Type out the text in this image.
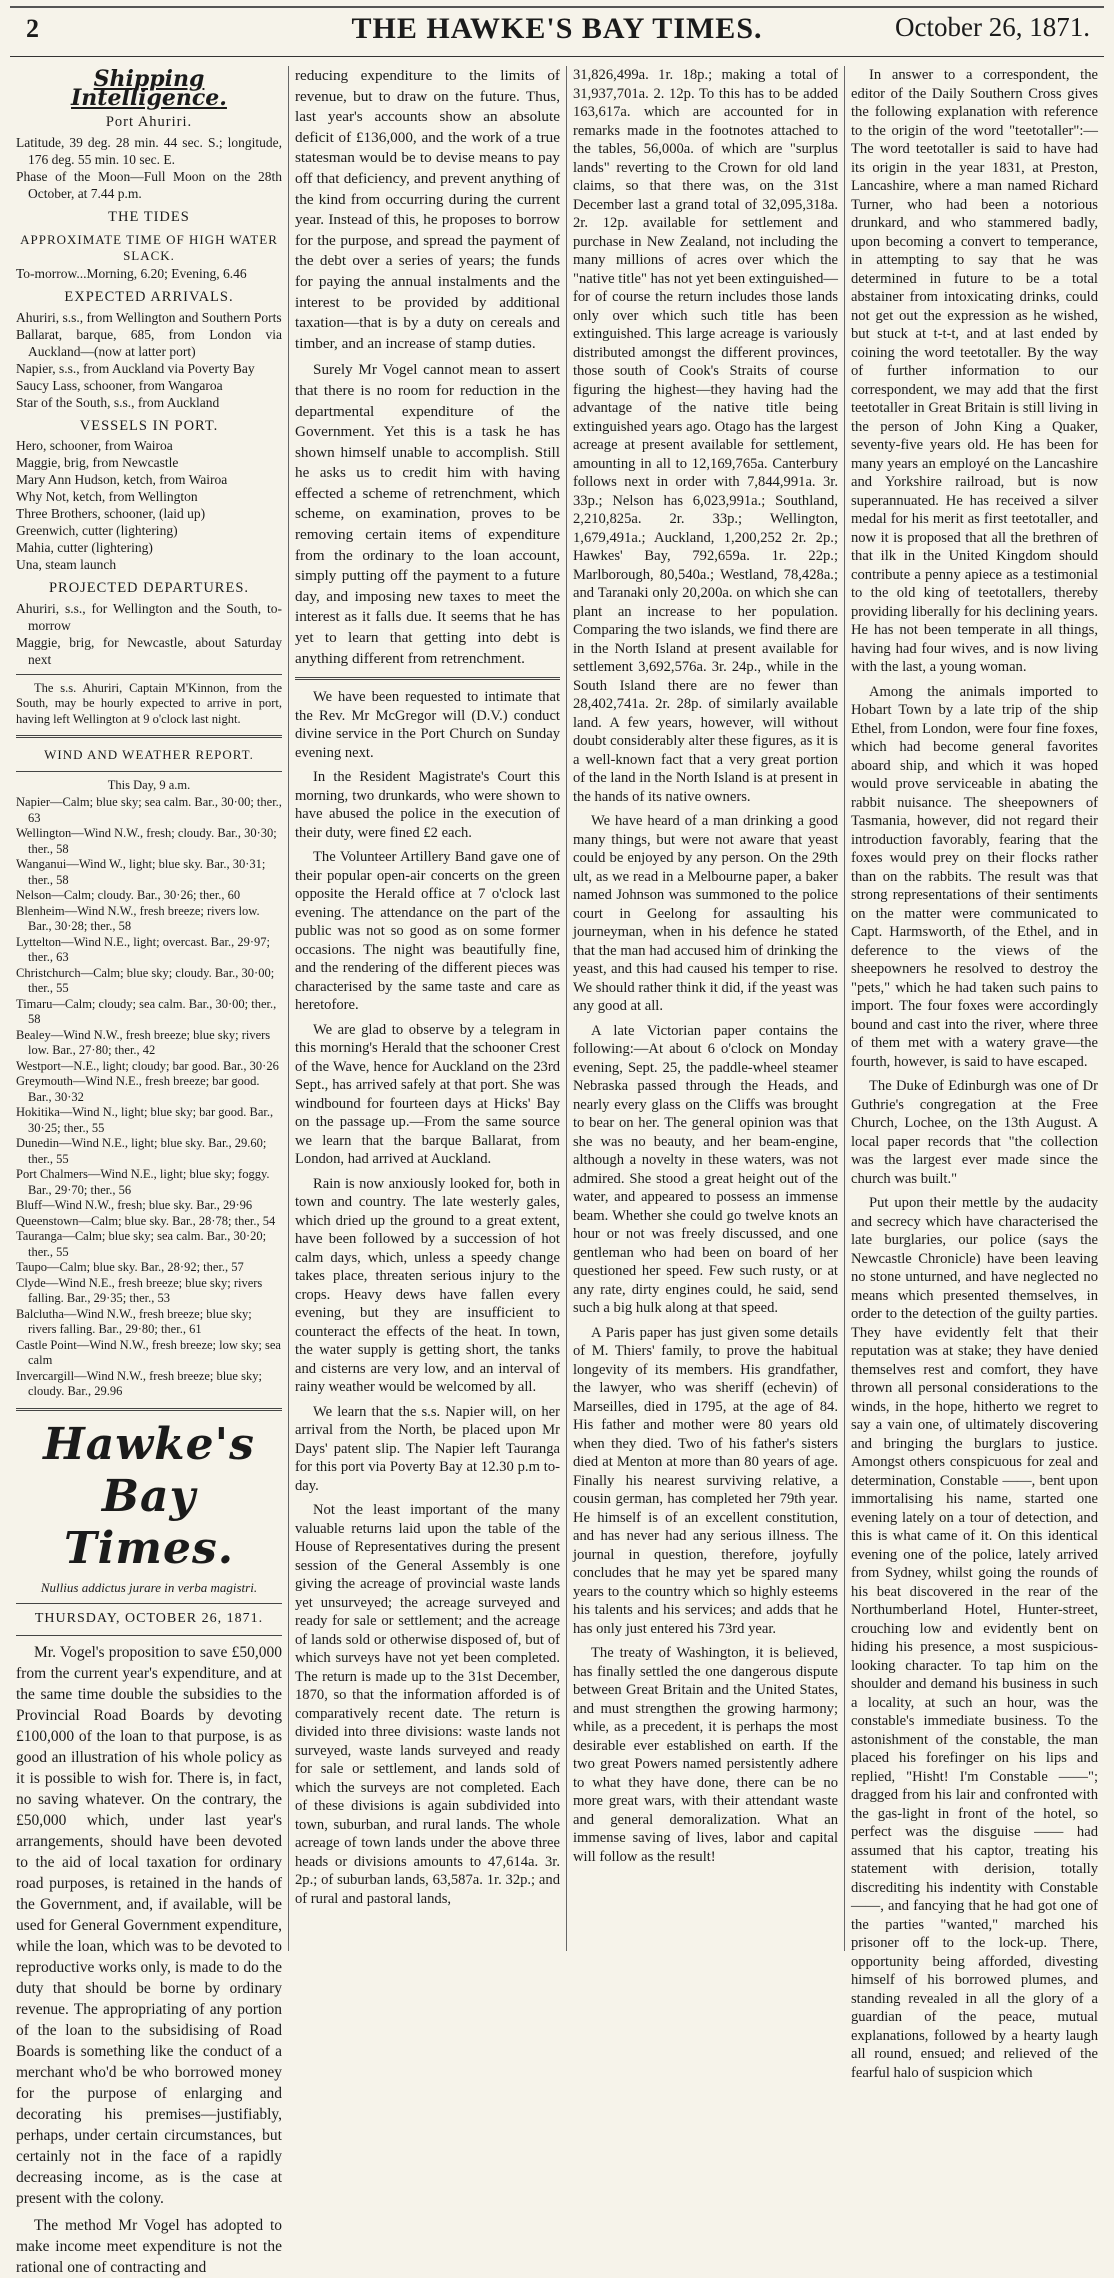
2	THE HAWKE'S BAY TIMES.	October 26, 1871.
Shipping Intelligence.
Port Ahuriri.

Latitude, 39 deg. 28 min. 44 sec. S.; longitude, 176 deg. 55 min. 10 sec. E.

Phase of the Moon—Full Moon on the 28th October, at 7.44 p.m.

THE TIDES
APPROXIMATE TIME OF HIGH WATER SLACK.

To-morrow...Morning, 6.20; Evening, 6.46

EXPECTED ARRIVALS.

Ahuriri, s.s., from Wellington and Southern Ports

Ballarat, barque, 685, from London via Auckland—(now at latter port)

Napier, s.s., from Auckland via Poverty Bay

Saucy Lass, schooner, from Wangaroa

Star of the South, s.s., from Auckland

VESSELS IN PORT.

Hero, schooner, from Wairoa

Maggie, brig, from Newcastle

Mary Ann Hudson, ketch, from Wairoa

Why Not, ketch, from Wellington

Three Brothers, schooner, (laid up)

Greenwich, cutter (lightering)

Mahia, cutter (lightering)

Una, steam launch

PROJECTED DEPARTURES.

Ahuriri, s.s., for Wellington and the South, to-morrow

Maggie, brig, for Newcastle, about Saturday next

The s.s. Ahuriri, Captain M'Kinnon, from the South, may be hourly expected to arrive in port, having left Wellington at 9 o'clock last night.

WIND AND WEATHER REPORT.
This Day, 9 a.m.

Napier—Calm; blue sky; sea calm. Bar., 30·00; ther., 63

Wellington—Wind N.W., fresh; cloudy. Bar., 30·30; ther., 58

Wanganui—Wind W., light; blue sky. Bar., 30·31; ther., 58

Nelson—Calm; cloudy. Bar., 30·26; ther., 60

Blenheim—Wind N.W., fresh breeze; rivers low. Bar., 30·28; ther., 58

Lyttelton—Wind N.E., light; overcast. Bar., 29·97; ther., 63

Christchurch—Calm; blue sky; cloudy. Bar., 30·00; ther., 55

Timaru—Calm; cloudy; sea calm. Bar., 30·00; ther., 58

Bealey—Wind N.W., fresh breeze; blue sky; rivers low. Bar., 27·80; ther., 42

Westport—N.E., light; cloudy; bar good. Bar., 30·26

Greymouth—Wind N.E., fresh breeze; bar good. Bar., 30·32

Hokitika—Wind N., light; blue sky; bar good. Bar., 30·25; ther., 55

Dunedin—Wind N.E., light; blue sky. Bar., 29.60; ther., 55

Port Chalmers—Wind N.E., light; blue sky; foggy. Bar., 29·70; ther., 56

Bluff—Wind N.W., fresh; blue sky. Bar., 29·96

Queenstown—Calm; blue sky. Bar., 28·78; ther., 54

Tauranga—Calm; blue sky; sea calm. Bar., 30·20; ther., 55

Taupo—Calm; blue sky. Bar., 28·92; ther., 57

Clyde—Wind N.E., fresh breeze; blue sky; rivers falling. Bar., 29·35; ther., 53

Balclutha—Wind N.W., fresh breeze; blue sky; rivers falling. Bar., 29·80; ther., 61

Castle Point—Wind N.W., fresh breeze; low sky; sea calm

Invercargill—Wind N.W., fresh breeze; blue sky; cloudy. Bar., 29.96

Hawke's Bay Times.
Nullius addictus jurare in verba magistri.
THURSDAY, OCTOBER 26, 1871.

Mr. Vogel's proposition to save £50,000 from the current year's expenditure, and at the same time double the subsidies to the Provincial Road Boards by devoting £100,000 of the loan to that purpose, is as good an illustration of his whole policy as it is possible to wish for. There is, in fact, no saving whatever. On the contrary, the £50,000 which, under last year's arrangements, should have been devoted to the aid of local taxation for ordinary road purposes, is retained in the hands of the Government, and, if available, will be used for General Government expenditure, while the loan, which was to be devoted to reproductive works only, is made to do the duty that should be borne by ordinary revenue. The appropriating of any portion of the loan to the subsidising of Road Boards is something like the conduct of a merchant who'd be who borrowed money for the purpose of enlarging and decorating his premises—justifiably, perhaps, under certain circumstances, but certainly not in the face of a rapidly decreasing income, as is the case at present with the colony.

The method Mr Vogel has adopted to make income meet expenditure is not the rational one of contracting and

reducing expenditure to the limits of revenue, but to draw on the future. Thus, last year's accounts show an absolute deficit of £136,000, and the work of a true statesman would be to devise means to pay off that deficiency, and prevent anything of the kind from occurring during the current year. Instead of this, he proposes to borrow for the purpose, and spread the payment of the debt over a series of years; the funds for paying the annual instalments and the interest to be provided by additional taxation—that is by a duty on cereals and timber, and an increase of stamp duties.

Surely Mr Vogel cannot mean to assert that there is no room for reduction in the departmental expenditure of the Government. Yet this is a task he has shown himself unable to accomplish. Still he asks us to credit him with having effected a scheme of retrenchment, which scheme, on examination, proves to be removing certain items of expenditure from the ordinary to the loan account, simply putting off the payment to a future day, and imposing new taxes to meet the interest as it falls due. It seems that he has yet to learn that getting into debt is anything different from retrenchment.

We have been requested to intimate that the Rev. Mr McGregor will (D.V.) conduct divine service in the Port Church on Sunday evening next.

In the Resident Magistrate's Court this morning, two drunkards, who were shown to have abused the police in the execution of their duty, were fined £2 each.

The Volunteer Artillery Band gave one of their popular open-air concerts on the green opposite the Herald office at 7 o'clock last evening. The attendance on the part of the public was not so good as on some former occasions. The night was beautifully fine, and the rendering of the different pieces was characterised by the same taste and care as heretofore.

We are glad to observe by a telegram in this morning's Herald that the schooner Crest of the Wave, hence for Auckland on the 23rd Sept., has arrived safely at that port. She was windbound for fourteen days at Hicks' Bay on the passage up.—From the same source we learn that the barque Ballarat, from London, had arrived at Auckland.

Rain is now anxiously looked for, both in town and country. The late westerly gales, which dried up the ground to a great extent, have been followed by a succession of hot calm days, which, unless a speedy change takes place, threaten serious injury to the crops. Heavy dews have fallen every evening, but they are insufficient to counteract the effects of the heat. In town, the water supply is getting short, the tanks and cisterns are very low, and an interval of rainy weather would be welcomed by all.

We learn that the s.s. Napier will, on her arrival from the North, be placed upon Mr Days' patent slip. The Napier left Tauranga for this port via Poverty Bay at 12.30 p.m to-day.

Not the least important of the many valuable returns laid upon the table of the House of Representatives during the present session of the General Assembly is one giving the acreage of provincial waste lands yet unsurveyed; the acreage surveyed and ready for sale or settlement; and the acreage of lands sold or otherwise disposed of, but of which surveys have not yet been completed. The return is made up to the 31st December, 1870, so that the information afforded is of comparatively recent date. The return is divided into three divisions: waste lands not surveyed, waste lands surveyed and ready for sale or settlement, and lands sold of which the surveys are not completed. Each of these divisions is again subdivided into town, suburban, and rural lands. The whole acreage of town lands under the above three heads or divisions amounts to 47,614a. 3r. 2p.; of suburban lands, 63,587a. 1r. 32p.; and of rural and pastoral lands,

31,826,499a. 1r. 18p.; making a total of 31,937,701a. 2. 12p. To this has to be added 163,617a. which are accounted for in remarks made in the footnotes attached to the tables, 56,000a. of which are "surplus lands" reverting to the Crown for old land claims, so that there was, on the 31st December last a grand total of 32,095,318a. 2r. 12p. available for settlement and purchase in New Zealand, not including the many millions of acres over which the "native title" has not yet been extinguished—for of course the return includes those lands only over which such title has been extinguished. This large acreage is variously distributed amongst the different provinces, those south of Cook's Straits of course figuring the highest—they having had the advantage of the native title being extinguished years ago. Otago has the largest acreage at present available for settlement, amounting in all to 12,169,765a. Canterbury follows next in order with 7,844,991a. 3r. 33p.; Nelson has 6,023,991a.; Southland, 2,210,825a. 2r. 33p.; Wellington, 1,679,491a.; Auckland, 1,200,252 2r. 2p.; Hawkes' Bay, 792,659a. 1r. 22p.; Marlborough, 80,540a.; Westland, 78,428a.; and Taranaki only 20,200a. on which she can plant an increase to her population. Comparing the two islands, we find there are in the North Island at present available for settlement 3,692,576a. 3r. 24p., while in the South Island there are no fewer than 28,402,741a. 2r. 28p. of similarly available land. A few years, however, will without doubt considerably alter these figures, as it is a well-known fact that a very great portion of the land in the North Island is at present in the hands of its native owners.

We have heard of a man drinking a good many things, but were not aware that yeast could be enjoyed by any person. On the 29th ult, as we read in a Melbourne paper, a baker named Johnson was summoned to the police court in Geelong for assaulting his journeyman, when in his defence he stated that the man had accused him of drinking the yeast, and this had caused his temper to rise. We should rather think it did, if the yeast was any good at all.

A late Victorian paper contains the following:—At about 6 o'clock on Monday evening, Sept. 25, the paddle-wheel steamer Nebraska passed through the Heads, and nearly every glass on the Cliffs was brought to bear on her. The general opinion was that she was no beauty, and her beam-engine, although a novelty in these waters, was not admired. She stood a great height out of the water, and appeared to possess an immense beam. Whether she could go twelve knots an hour or not was freely discussed, and one gentleman who had been on board of her questioned her speed. Few such rusty, or at any rate, dirty engines could, he said, send such a big hulk along at that speed.

A Paris paper has just given some details of M. Thiers' family, to prove the habitual longevity of its members. His grandfather, the lawyer, who was sheriff (echevin) of Marseilles, died in 1795, at the age of 84. His father and mother were 80 years old when they died. Two of his father's sisters died at Menton at more than 80 years of age. Finally his nearest surviving relative, a cousin german, has completed her 79th year. He himself is of an excellent constitution, and has never had any serious illness. The journal in question, therefore, joyfully concludes that he may yet be spared many years to the country which so highly esteems his talents and his services; and adds that he has only just entered his 73rd year.

The treaty of Washington, it is believed, has finally settled the one dangerous dispute between Great Britain and the United States, and must strengthen the growing harmony; while, as a precedent, it is perhaps the most desirable ever established on earth. If the two great Powers named persistently adhere to what they have done, there can be no more great wars, with their attendant waste and general demoralization. What an immense saving of lives, labor and capital will follow as the result!

In answer to a correspondent, the editor of the Daily Southern Cross gives the following explanation with reference to the origin of the word "teetotaller":—The word teetotaller is said to have had its origin in the year 1831, at Preston, Lancashire, where a man named Richard Turner, who had been a notorious drunkard, and who stammered badly, upon becoming a convert to temperance, in attempting to say that he was determined in future to be a total abstainer from intoxicating drinks, could not get out the expression as he wished, but stuck at t-t-t, and at last ended by coining the word teetotaller. By the way of further information to our correspondent, we may add that the first teetotaller in Great Britain is still living in the person of John King a Quaker, seventy-five years old. He has been for many years an employé on the Lancashire and Yorkshire railroad, but is now superannuated. He has received a silver medal for his merit as first teetotaller, and now it is proposed that all the brethren of that ilk in the United Kingdom should contribute a penny apiece as a testimonial to the old king of teetotallers, thereby providing liberally for his declining years. He has not been temperate in all things, having had four wives, and is now living with the last, a young woman.

Among the animals imported to Hobart Town by a late trip of the ship Ethel, from London, were four fine foxes, which had become general favorites aboard ship, and which it was hoped would prove serviceable in abating the rabbit nuisance. The sheepowners of Tasmania, however, did not regard their introduction favorably, fearing that the foxes would prey on their flocks rather than on the rabbits. The result was that strong representations of their sentiments on the matter were communicated to Capt. Harmsworth, of the Ethel, and in deference to the views of the sheepowners he resolved to destroy the "pets," which he had taken such pains to import. The four foxes were accordingly bound and cast into the river, where three of them met with a watery grave—the fourth, however, is said to have escaped.

The Duke of Edinburgh was one of Dr Guthrie's congregation at the Free Church, Lochee, on the 13th August. A local paper records that "the collection was the largest ever made since the church was built."

Put upon their mettle by the audacity and secrecy which have characterised the late burglaries, our police (says the Newcastle Chronicle) have been leaving no stone unturned, and have neglected no means which presented themselves, in order to the detection of the guilty parties. They have evidently felt that their reputation was at stake; they have denied themselves rest and comfort, they have thrown all personal considerations to the winds, in the hope, hitherto we regret to say a vain one, of ultimately discovering and bringing the burglars to justice. Amongst others conspicuous for zeal and determination, Constable ——, bent upon immortalising his name, started one evening lately on a tour of detection, and this is what came of it. On this identical evening one of the police, lately arrived from Sydney, whilst going the rounds of his beat discovered in the rear of the Northumberland Hotel, Hunter-street, crouching low and evidently bent on hiding his presence, a most suspicious-looking character. To tap him on the shoulder and demand his business in such a locality, at such an hour, was the constable's immediate business. To the astonishment of the constable, the man placed his forefinger on his lips and replied, "Hisht! I'm Constable ——"; dragged from his lair and confronted with the gas-light in front of the hotel, so perfect was the disguise —— had assumed that his captor, treating his statement with derision, totally discrediting his indentity with Constable ——, and fancying that he had got one of the parties "wanted," marched his prisoner off to the lock-up. There, opportunity being afforded, divesting himself of his borrowed plumes, and standing revealed in all the glory of a guardian of the peace, mutual explanations, followed by a hearty laugh all round, ensued; and relieved of the fearful halo of suspicion which
